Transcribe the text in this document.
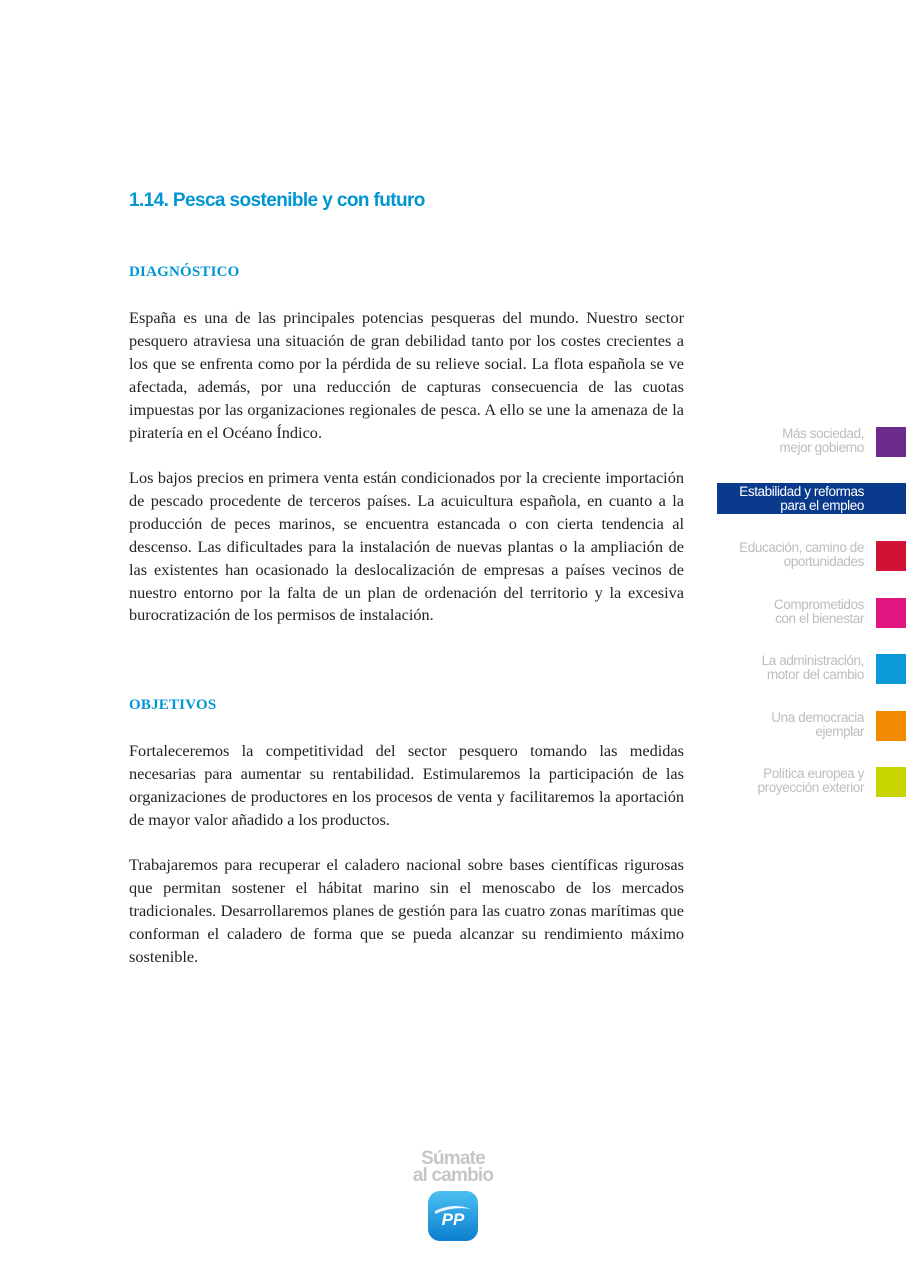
1.14. Pesca sostenible y con futuro
DIAGNÓSTICO

España es una de las principales potencias pesqueras del mundo. Nuestro sector pesquero atraviesa una situación de gran debilidad tanto por los costes crecientes a los que se enfrenta como por la pérdida de su relieve social. La flota española se ve afectada, además, por una reducción de capturas consecuencia de las cuotas impuestas por las organizaciones regionales de pesca. A ello se une la amenaza de la piratería en el Océano Índico.

Los bajos precios en primera venta están condicionados por la creciente importación de pescado procedente de terceros países. La acuicultura española, en cuanto a la producción de peces marinos, se encuentra estancada o con cierta tendencia al descenso. Las dificultades para la instalación de nuevas plantas o la ampliación de las existentes han ocasionado la deslocalización de empresas a países vecinos de nuestro entorno por la falta de un plan de ordenación del territorio y la excesiva burocratización de los permisos de instalación.

OBJETIVOS

Fortaleceremos la competitividad del sector pesquero tomando las medidas necesarias para aumentar su rentabilidad. Estimularemos la participación de las organizaciones de productores en los procesos de venta y facilitaremos la aportación de mayor valor añadido a los productos.

Trabajaremos para recuperar el caladero nacional sobre bases científicas rigurosas que permitan sostener el hábitat marino sin el menoscabo de los mercados tradicionales. Desarrollaremos planes de gestión para las cuatro zonas marítimas que conforman el caladero de forma que se pueda alcanzar su rendimiento máximo sostenible.

Más sociedad,
mejor gobierno
Estabilidad y reformas
para el empleo
Educación, camino de
oportunidades
Comprometidos
con el bienestar
La administración,
motor del cambio
Una democracia
ejemplar
Política europea y
proyección exterior
Súmate
al cambio
PP
